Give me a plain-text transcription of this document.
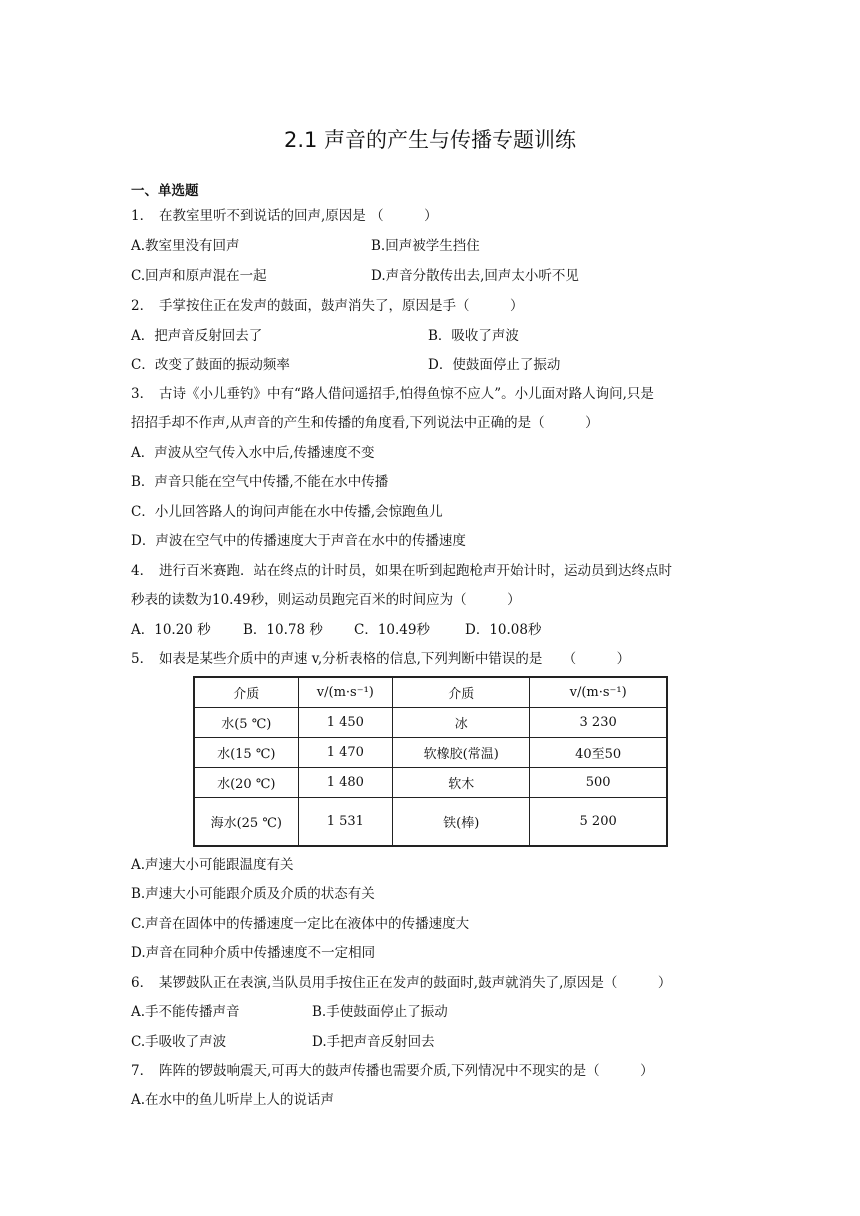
2.1 声音的产生与传播专题训练
一、单选题
1． 在教室里听不到说话的回声,原因是 （　　　）
A.教室里没有回声	B.回声被学生挡住
C.回声和原声混在一起	D.声音分散传出去,回声太小听不见
2． 手掌按住正在发声的鼓面，鼓声消失了，原因是手（　　　）
A．把声音反射回去了	B．吸收了声波
C．改变了鼓面的振动频率	D．使鼓面停止了振动
3． 古诗《小儿垂钓》中有“路人借问遥招手,怕得鱼惊不应人”。小儿面对路人询问,只是
招招手却不作声,从声音的产生和传播的角度看,下列说法中正确的是（　　　）
A．声波从空气传入水中后,传播速度不变
B．声音只能在空气中传播,不能在水中传播
C．小儿回答路人的询问声能在水中传播,会惊跑鱼儿
D．声波在空气中的传播速度大于声音在水中的传播速度
4． 进行百米赛跑．站在终点的计时员，如果在听到起跑枪声开始计时，运动员到达终点时
秒表的读数为10.49秒，则运动员跑完百米的时间应为（　　　）
A．10.20 秒 B．10.78 秒 C．10.49秒	D．10.08秒
5． 如表是某些介质中的声速 v,分析表格的信息,下列判断中错误的是　　（　　　）
介质	v/(m·s⁻¹)	介质	v/(m·s⁻¹)
水(5 ℃)	1 450	冰	3 230
水(15 ℃)	1 470	软橡胶(常温)	40至50
水(20 ℃)	1 480	软木	500
海水(25 ℃)	1 531	铁(棒)	5 200
A.声速大小可能跟温度有关
B.声速大小可能跟介质及介质的状态有关
C.声音在固体中的传播速度一定比在液体中的传播速度大
D.声音在同种介质中传播速度不一定相同
6． 某锣鼓队正在表演,当队员用手按住正在发声的鼓面时,鼓声就消失了,原因是（　　　）
A.手不能传播声音	B.手使鼓面停止了振动
C.手吸收了声波	D.手把声音反射回去
7． 阵阵的锣鼓响震天,可再大的鼓声传播也需要介质,下列情况中不现实的是（　　　）
A.在水中的鱼儿听岸上人的说话声
